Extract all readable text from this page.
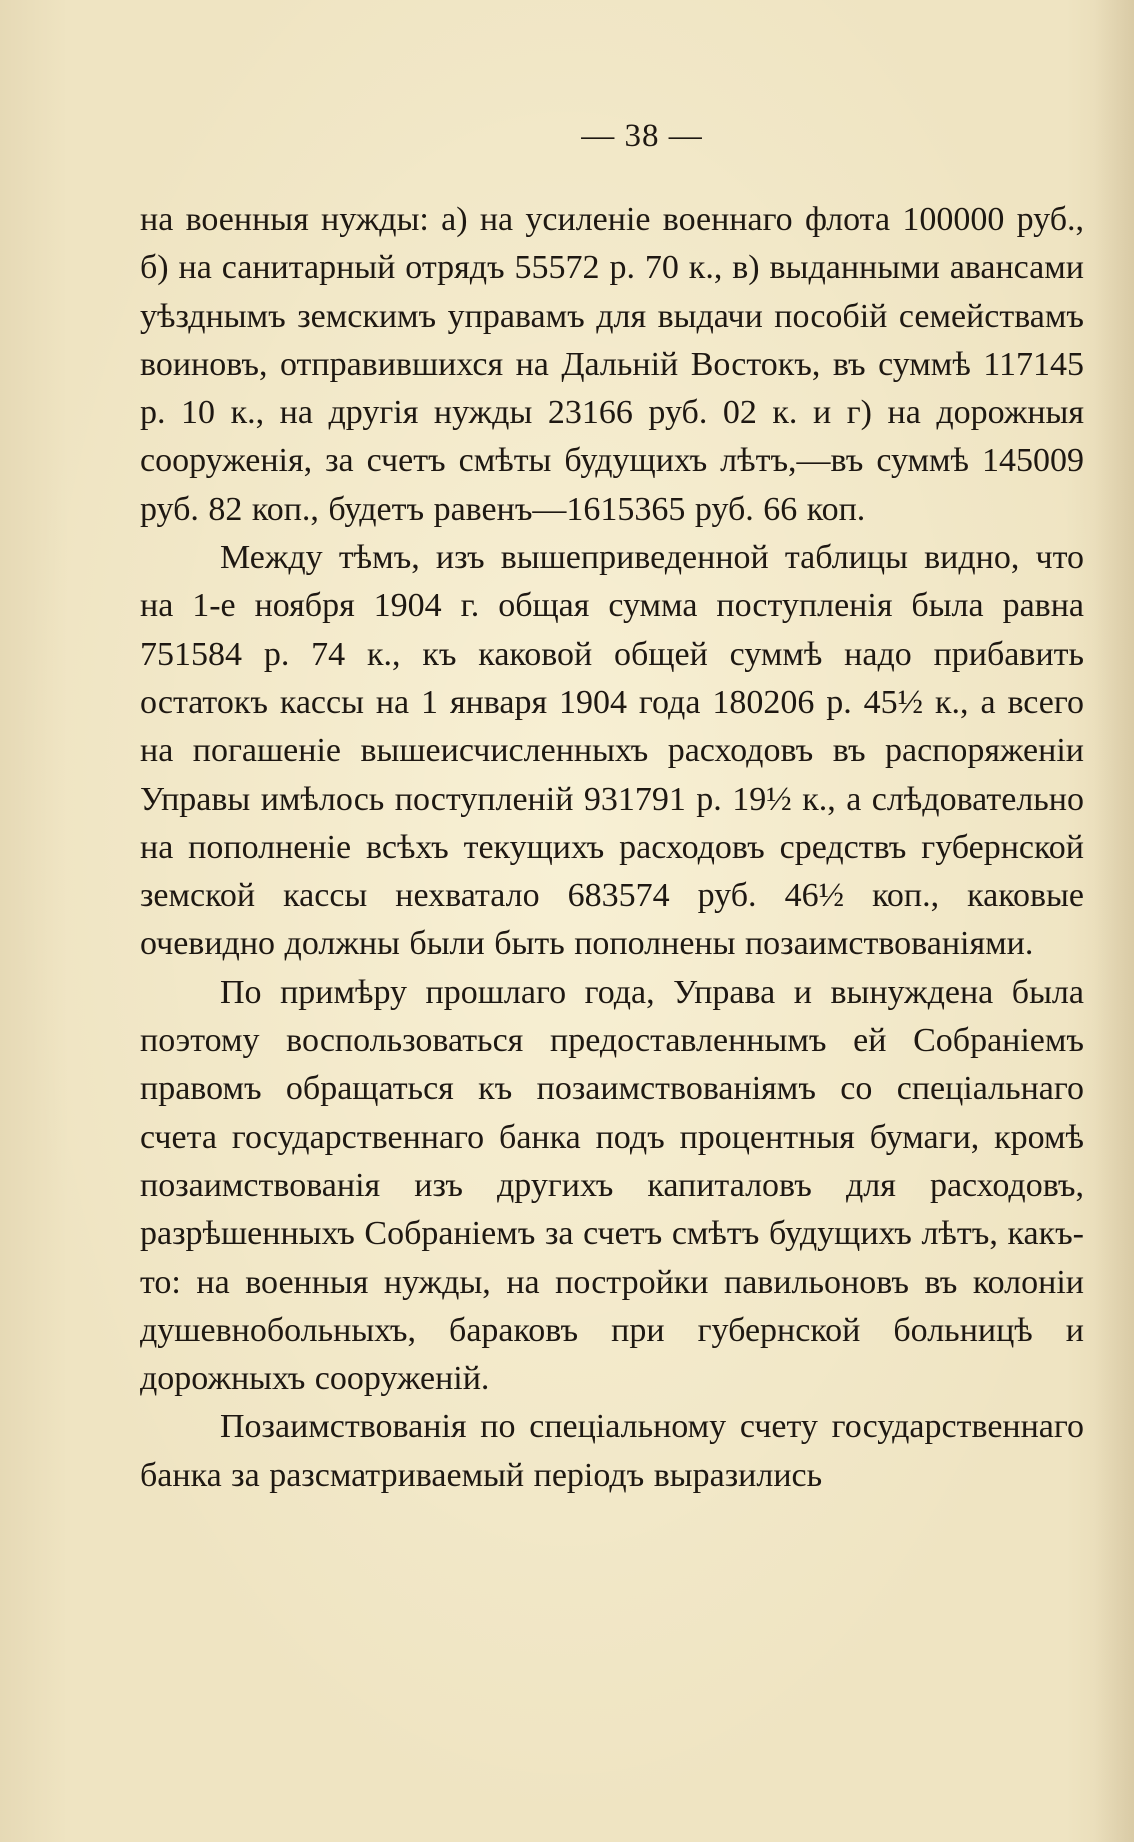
— 38 —

на военныя нужды: а) на усиленіе военнаго флота 100000 руб., б) на санитарный отрядъ 55572 р. 70 к., в) выданными авансами уѣзднымъ земскимъ управамъ для выдачи пособій семействамъ воиновъ, отправившихся на Дальній Востокъ, въ суммѣ 117145 р. 10 к., на другія нужды 23166 руб. 02 к. и г) на дорожныя сооруженія, за счетъ смѣты будущихъ лѣтъ,—въ суммѣ 145009 руб. 82 коп., будетъ равенъ—1615365 руб. 66 коп.

Между тѣмъ, изъ вышеприведенной таблицы видно, что на 1-е ноября 1904 г. общая сумма поступленія была равна 751584 р. 74 к., къ каковой общей суммѣ надо прибавить остатокъ кассы на 1 января 1904 года 180206 р. 45½ к., а всего на погашеніе вышеисчисленныхъ расходовъ въ распоряженіи Управы имѣлось поступленій 931791 р. 19½ к., а слѣдовательно на пополненіе всѣхъ текущихъ расходовъ средствъ губернской земской кассы нехватало 683574 руб. 46½ коп., каковые очевидно должны были быть пополнены позаимствованіями.

По примѣру прошлаго года, Управа и вынуждена была поэтому воспользоваться предоставленнымъ ей Собраніемъ правомъ обращаться къ позаимствованіямъ со спеціальнаго счета государственнаго банка подъ процентныя бумаги, кромѣ позаимствованія изъ другихъ капиталовъ для расходовъ, разрѣшенныхъ Собраніемъ за счетъ смѣтъ будущихъ лѣтъ, какъ-то: на военныя нужды, на постройки павильоновъ въ колоніи душевнобольныхъ, бараковъ при губернской больницѣ и дорожныхъ сооруженій.

Позаимствованія по спеціальному счету государственнаго банка за разсматриваемый періодъ выразились
